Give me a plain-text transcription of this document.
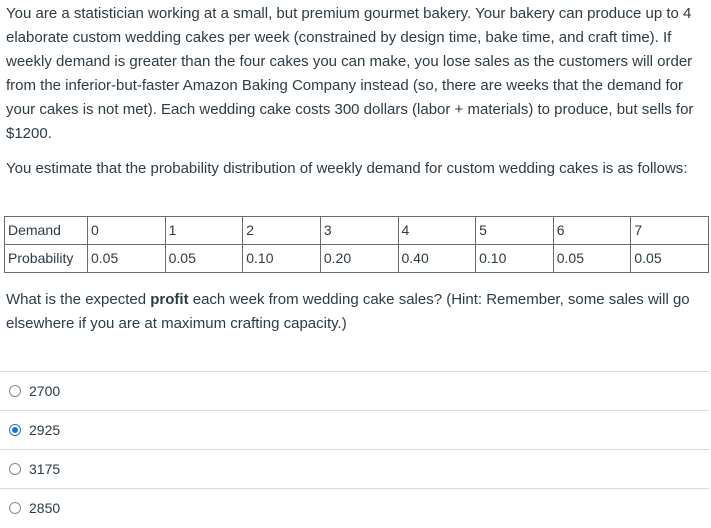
You are a statistician working at a small, but premium gourmet bakery. Your bakery can produce up to 4 elaborate custom wedding cakes per week (constrained by design time, bake time, and craft time). If weekly demand is greater than the four cakes you can make, you lose sales as the customers will order from the inferior-but-faster Amazon Baking Company instead (so, there are weeks that the demand for your cakes is not met). Each wedding cake costs 300 dollars (labor + materials) to produce, but sells for $1200.

You estimate that the probability distribution of weekly demand for custom wedding cakes is as follows:

Demand	0	1	2	3	4	5	6	7
Probability	0.05	0.05	0.10	0.20	0.40	0.10	0.05	0.05

What is the expected profit each week from wedding cake sales? (Hint: Remember, some sales will go elsewhere if you are at maximum crafting capacity.)

2700
2925
3175
2850
